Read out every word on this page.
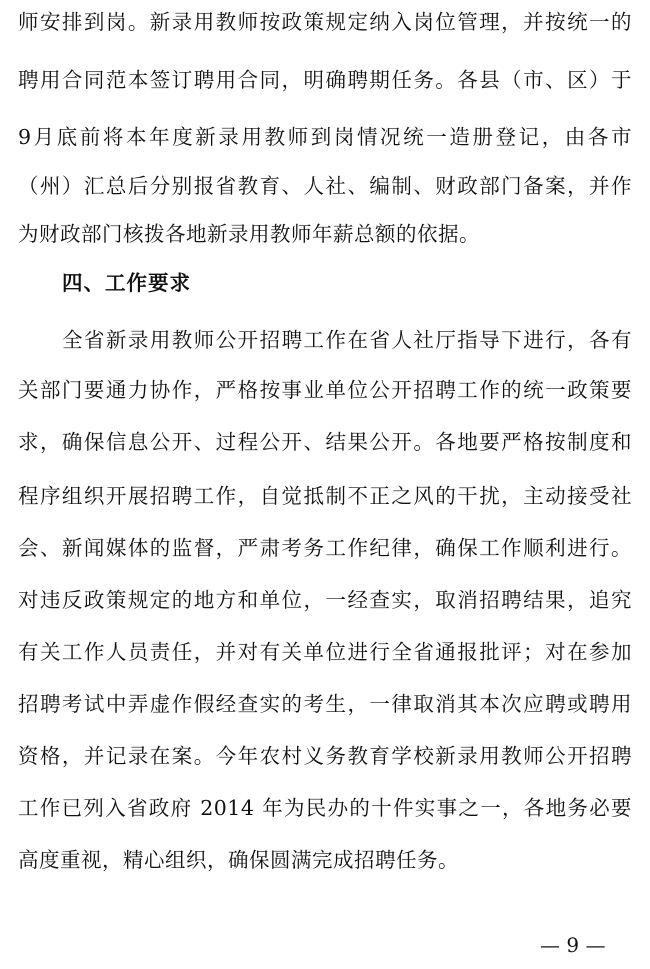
师安排到岗。新录用教师按政策规定纳入岗位管理，并按统一的
聘用合同范本签订聘用合同，明确聘期任务。各县（市、区）于
9月底前将本年度新录用教师到岗情况统一造册登记，由各市
（州）汇总后分别报省教育、人社、编制、财政部门备案，并作
为财政部门核拨各地新录用教师年薪总额的依据。
四、工作要求
全省新录用教师公开招聘工作在省人社厅指导下进行，各有
关部门要通力协作，严格按事业单位公开招聘工作的统一政策要
求，确保信息公开、过程公开、结果公开。各地要严格按制度和
程序组织开展招聘工作，自觉抵制不正之风的干扰，主动接受社
会、新闻媒体的监督，严肃考务工作纪律，确保工作顺利进行。
对违反政策规定的地方和单位，一经查实，取消招聘结果，追究
有关工作人员责任，并对有关单位进行全省通报批评；对在参加
招聘考试中弄虚作假经查实的考生，一律取消其本次应聘或聘用
资格，并记录在案。今年农村义务教育学校新录用教师公开招聘
工作已列入省政府 2014 年为民办的十件实事之一，各地务必要
高度重视，精心组织，确保圆满完成招聘任务。
— 9 —
